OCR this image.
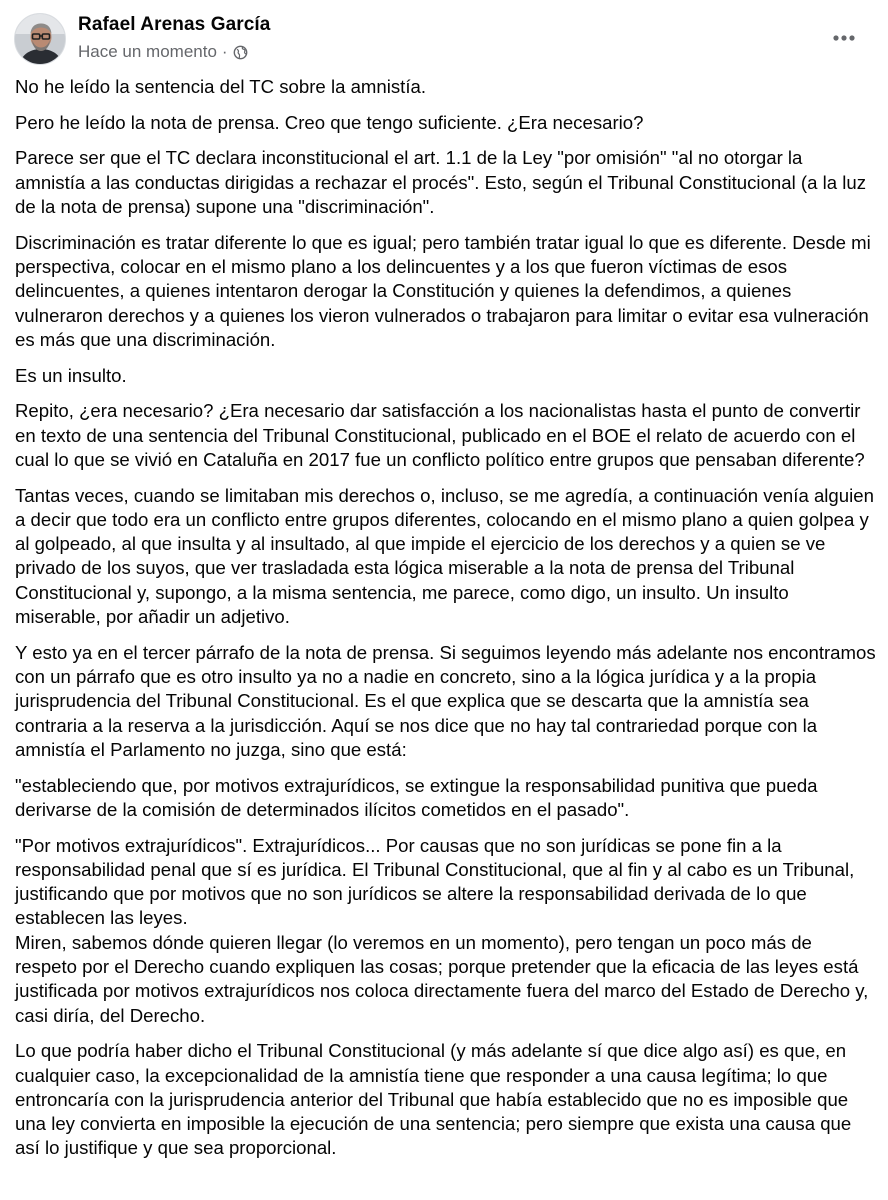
Rafael Arenas García
Hace un momento ·

No he leído la sentencia del TC sobre la amnistía.

Pero he leído la nota de prensa. Creo que tengo suficiente. ¿Era necesario?

Parece ser que el TC declara inconstitucional el art. 1.1 de la Ley "por omisión" "al no otorgar la amnistía a las conductas dirigidas a rechazar el procés". Esto, según el Tribunal Constitucional (a la luz de la nota de prensa) supone una "discriminación".

Discriminación es tratar diferente lo que es igual; pero también tratar igual lo que es diferente. Desde mi perspectiva, colocar en el mismo plano a los delincuentes y a los que fueron víctimas de esos delincuentes, a quienes intentaron derogar la Constitución y quienes la defendimos, a quienes vulneraron derechos y a quienes los vieron vulnerados o trabajaron para limitar o evitar esa vulneración es más que una discriminación.

Es un insulto.

Repito, ¿era necesario? ¿Era necesario dar satisfacción a los nacionalistas hasta el punto de convertir en texto de una sentencia del Tribunal Constitucional, publicado en el BOE el relato de acuerdo con el cual lo que se vivió en Cataluña en 2017 fue un conflicto político entre grupos que pensaban diferente?

Tantas veces, cuando se limitaban mis derechos o, incluso, se me agredía, a continuación venía alguien a decir que todo era un conflicto entre grupos diferentes, colocando en el mismo plano a quien golpea y al golpeado, al que insulta y al insultado, al que impide el ejercicio de los derechos y a quien se ve privado de los suyos, que ver trasladada esta lógica miserable a la nota de prensa del Tribunal Constitucional y, supongo, a la misma sentencia, me parece, como digo, un insulto. Un insulto miserable, por añadir un adjetivo.

Y esto ya en el tercer párrafo de la nota de prensa. Si seguimos leyendo más adelante nos encontramos con un párrafo que es otro insulto ya no a nadie en concreto, sino a la lógica jurídica y a la propia jurisprudencia del Tribunal Constitucional. Es el que explica que se descarta que la amnistía sea contraria a la reserva a la jurisdicción. Aquí se nos dice que no hay tal contrariedad porque con la amnistía el Parlamento no juzga, sino que está:

"estableciendo que, por motivos extrajurídicos, se extingue la responsabilidad punitiva que pueda derivarse de la comisión de determinados ilícitos cometidos en el pasado".

"Por motivos extrajurídicos". Extrajurídicos... Por causas que no son jurídicas se pone fin a la responsabilidad penal que sí es jurídica. El Tribunal Constitucional, que al fin y al cabo es un Tribunal, justificando que por motivos que no son jurídicos se altere la responsabilidad derivada de lo que establecen las leyes.
Miren, sabemos dónde quieren llegar (lo veremos en un momento), pero tengan un poco más de respeto por el Derecho cuando expliquen las cosas; porque pretender que la eficacia de las leyes está justificada por motivos extrajurídicos nos coloca directamente fuera del marco del Estado de Derecho y, casi diría, del Derecho.

Lo que podría haber dicho el Tribunal Constitucional (y más adelante sí que dice algo así) es que, en cualquier caso, la excepcionalidad de la amnistía tiene que responder a una causa legítima; lo que entroncaría con la jurisprudencia anterior del Tribunal que había establecido que no es imposible que una ley convierta en imposible la ejecución de una sentencia; pero siempre que exista una causa que así lo justifique y que sea proporcional.
